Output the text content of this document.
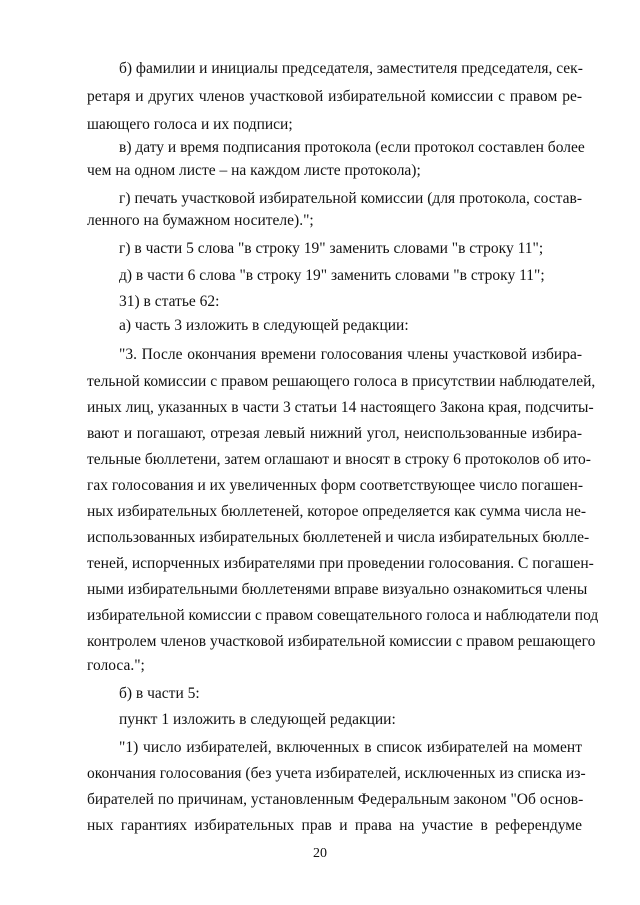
б) фамилии и инициалы председателя, заместителя председателя, сек-
ретаря и других членов участковой избирательной комиссии с правом ре-
шающего голоса и их подписи;
в) дату и время подписания протокола (если протокол составлен более
чем на одном листе – на каждом листе протокола);
г) печать участковой избирательной комиссии (для протокола, состав-
ленного на бумажном носителе).";
г) в части 5 слова "в строку 19" заменить словами "в строку 11";
д) в части 6 слова "в строку 19" заменить словами "в строку 11";
31) в статье 62:
а) часть 3 изложить в следующей редакции:
"3. После окончания времени голосования члены участковой избира-
тельной комиссии с правом решающего голоса в присутствии наблюдателей,
иных лиц, указанных в части 3 статьи 14 настоящего Закона края, подсчиты-
вают и погашают, отрезая левый нижний угол, неиспользованные избира-
тельные бюллетени, затем оглашают и вносят в строку 6 протоколов об ито-
гах голосования и их увеличенных форм соответствующее число погашен-
ных избирательных бюллетеней, которое определяется как сумма числа не-
использованных избирательных бюллетеней и числа избирательных бюлле-
теней, испорченных избирателями при проведении голосования. С погашен-
ными избирательными бюллетенями вправе визуально ознакомиться члены
избирательной комиссии с правом совещательного голоса и наблюдатели под
контролем членов участковой избирательной комиссии с правом решающего
голоса.";
б) в части 5:
пункт 1 изложить в следующей редакции:
"1) число избирателей, включенных в список избирателей на момент
окончания голосования (без учета избирателей, исключенных из списка из-
бирателей по причинам, установленным Федеральным законом "Об основ-
ных гарантиях избирательных прав и права на участие в референдуме
20
